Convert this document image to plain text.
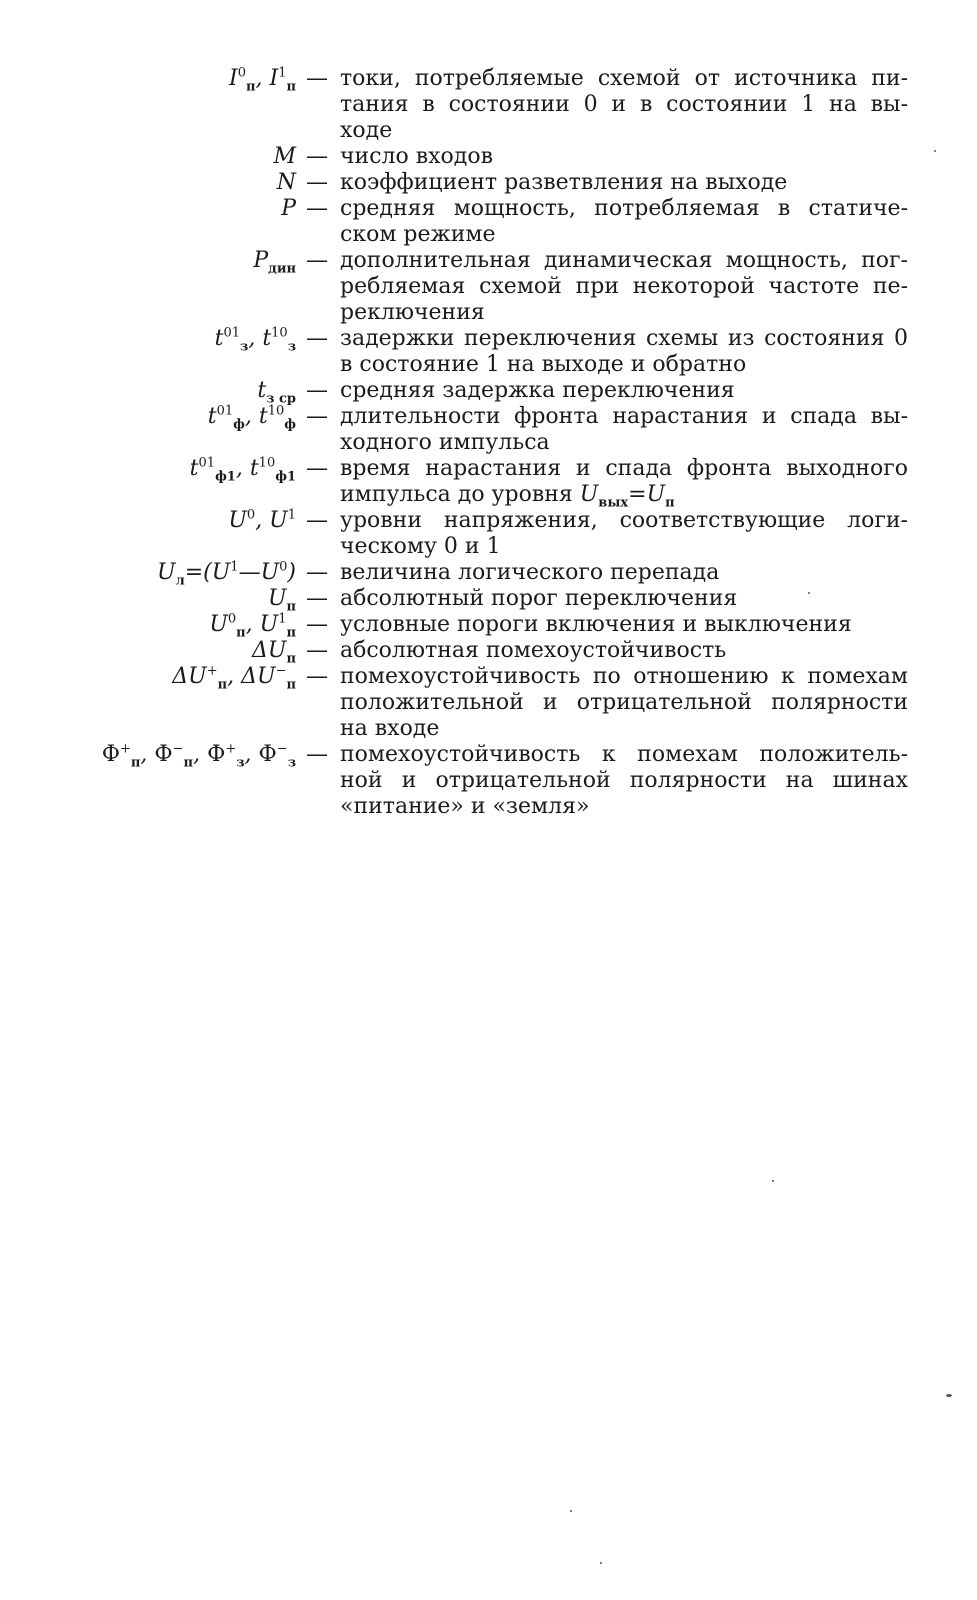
$I^0_п$, $I^1_п$ — токи, потребляемые схемой от источника пи-
тания в состоянии 0 и в состоянии 1 на вы-
ходе
M — число входов
N — коэффициент разветвления на выходе
P — средняя мощность, потребляемая в статиче-
ском режиме
$P_{дин}$ — дополнительная динамическая мощность, пог-
ребляемая схемой при некоторой частоте пе-
реключения
$t^{01}_з$, $t^{10}_з$ — задержки переключения схемы из состояния 0
в состояние 1 на выходе и обратно
$t_{з ср}$ — средняя задержка переключения
$t^{01}_ф$, $t^{10}_ф$ — длительности фронта нарастания и спада вы-
ходного импульса
$t^{01}_{ф1}$, $t^{10}_{ф1}$ — время нарастания и спада фронта выходного
импульса до уровня $U_{вых}=U_п$
$U^0$, $U^1$ — уровни напряжения, соответствующие логи-
ческому 0 и 1
$U_л=(U^1—U^0)$ — величина логического перепада
$U_п$ — абсолютный порог переключения
$U^0_п$, $U^1_п$ — условные пороги включения и выключения
$\Delta U_п$ — абсолютная помехоустойчивость
$\Delta U^+_п$, $\Delta U^-_п$ — помехоустойчивость по отношению к помехам
положительной и отрицательной полярности
на входе
$Ф^+_п$, $Ф^-_п$, $Ф^+_з$, $Ф^-_з$ — помехоустойчивость к помехам положитель-
ной и отрицательной полярности на шинах
«питание» и «земля»
